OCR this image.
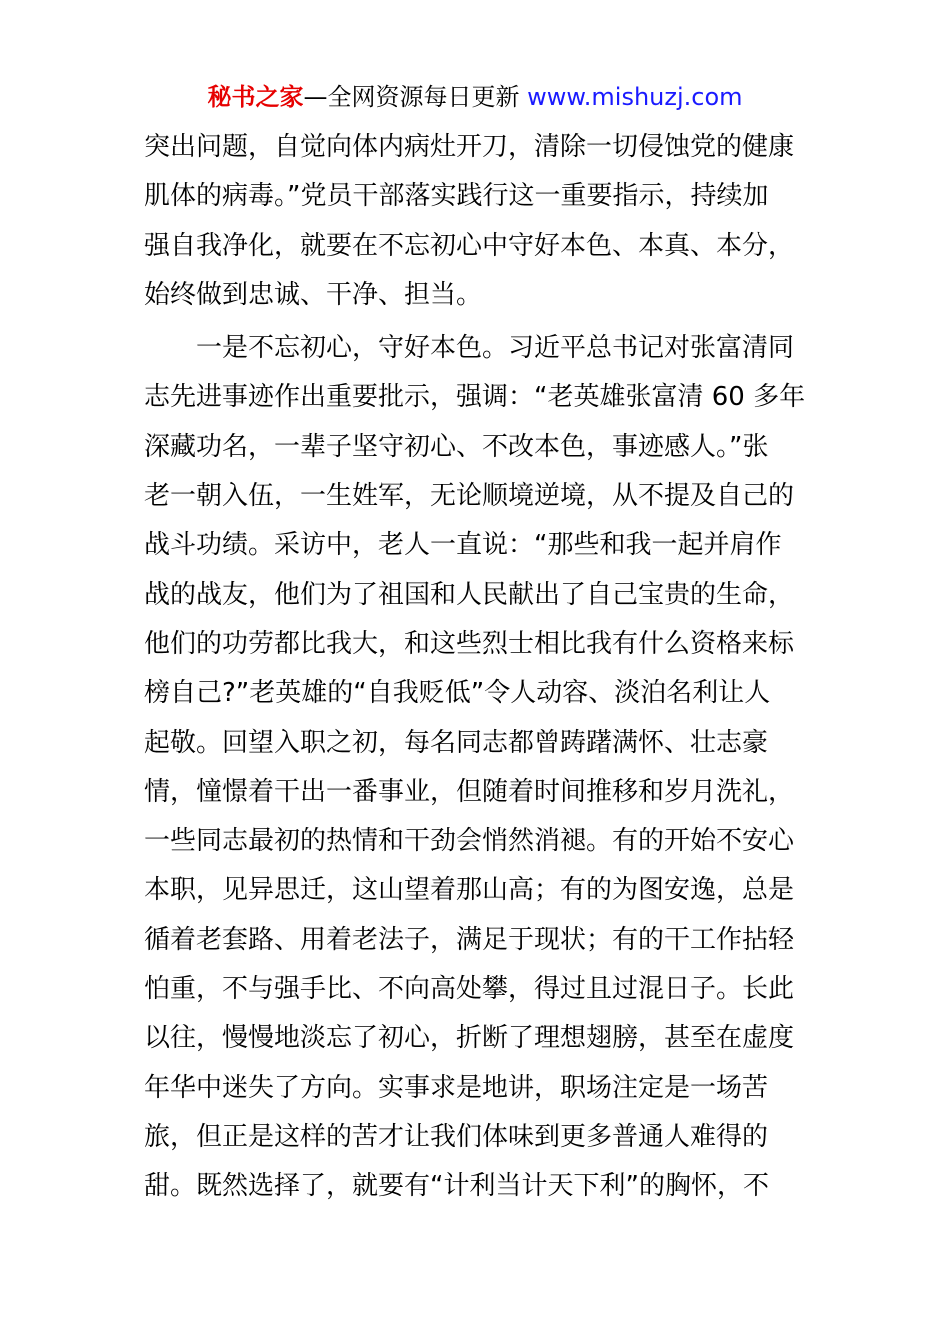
秘书之家—全网资源每日更新 www.mishuzj.com
突出问题，自觉向体内病灶开刀，清除一切侵蚀党的健康
肌体的病毒。”党员干部落实践行这一重要指示，持续加
强自我净化，就要在不忘初心中守好本色、本真、本分，
始终做到忠诚、干净、担当。
一是不忘初心，守好本色。习近平总书记对张富清同
志先进事迹作出重要批示，强调：“老英雄张富清 60 多年
深藏功名，一辈子坚守初心、不改本色，事迹感人。”张
老一朝入伍，一生姓军，无论顺境逆境，从不提及自己的
战斗功绩。采访中，老人一直说：“那些和我一起并肩作
战的战友，他们为了祖国和人民献出了自己宝贵的生命，
他们的功劳都比我大，和这些烈士相比我有什么资格来标
榜自己?”老英雄的“自我贬低”令人动容、淡泊名利让人
起敬。回望入职之初，每名同志都曾踌躇满怀、壮志豪
情，憧憬着干出一番事业，但随着时间推移和岁月洗礼，
一些同志最初的热情和干劲会悄然消褪。有的开始不安心
本职，见异思迁，这山望着那山高；有的为图安逸，总是
循着老套路、用着老法子，满足于现状；有的干工作拈轻
怕重，不与强手比、不向高处攀，得过且过混日子。长此
以往，慢慢地淡忘了初心，折断了理想翅膀，甚至在虚度
年华中迷失了方向。实事求是地讲，职场注定是一场苦
旅，但正是这样的苦才让我们体味到更多普通人难得的
甜。既然选择了，就要有“计利当计天下利”的胸怀，不
